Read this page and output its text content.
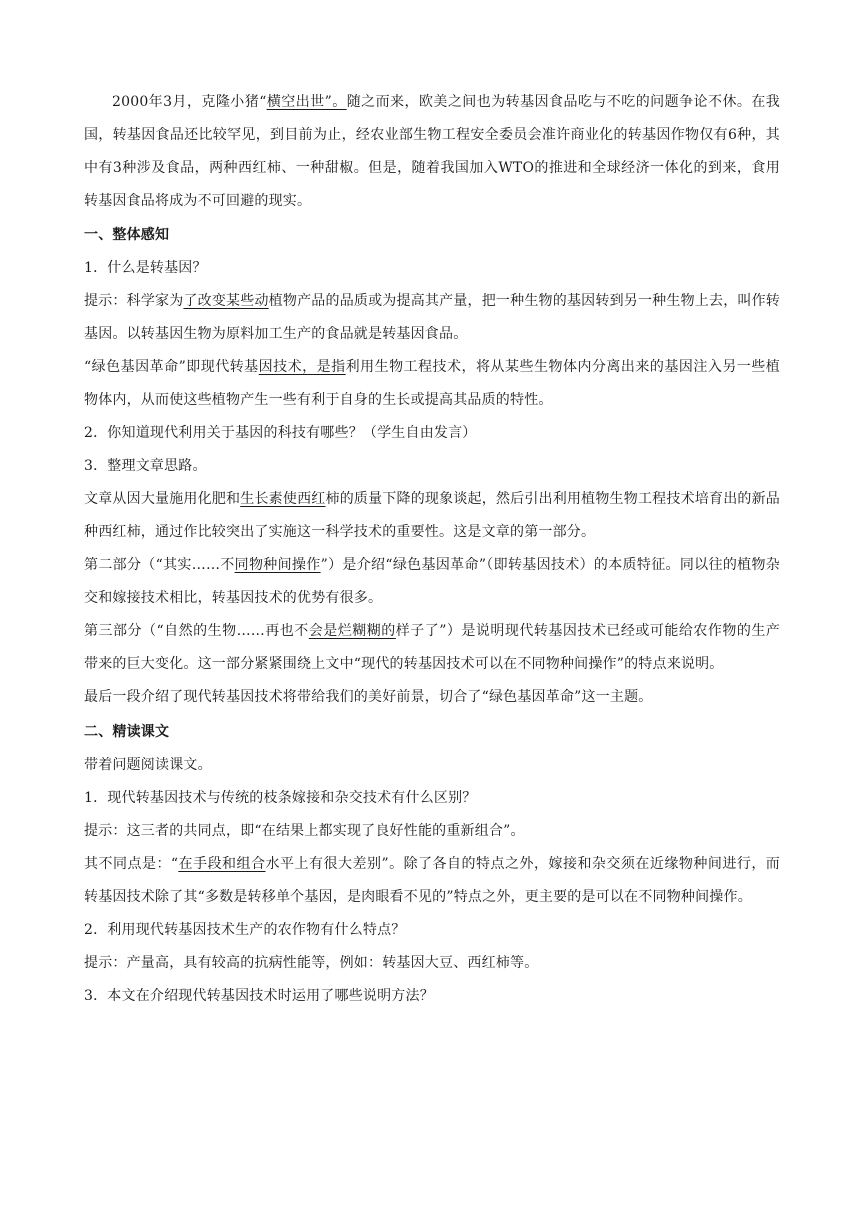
2000年3月，克隆小猪“横空出世”。随之而来，欧美之间也为转基因食品吃与不吃的问题争论不休。在我国，转基因食品还比较罕见，到目前为止，经农业部生物工程安全委员会准许商业化的转基因作物仅有6种，其中有3种涉及食品，两种西红柿、一种甜椒。但是，随着我国加入WTO的推进和全球经济一体化的到来，食用转基因食品将成为不可回避的现实。

一、整体感知

1．什么是转基因？

提示：科学家为了改变某些动植物产品的品质或为提高其产量，把一种生物的基因转到另一种生物上去，叫作转基因。以转基因生物为原料加工生产的食品就是转基因食品。

“绿色基因革命”即现代转基因技术，是指利用生物工程技术，将从某些生物体内分离出来的基因注入另一些植物体内，从而使这些植物产生一些有利于自身的生长或提高其品质的特性。

2．你知道现代利用关于基因的科技有哪些？（学生自由发言）

3．整理文章思路。

文章从因大量施用化肥和生长素使西红柿的质量下降的现象谈起，然后引出利用植物生物工程技术培育出的新品种西红柿，通过作比较突出了实施这一科学技术的重要性。这是文章的第一部分。

第二部分（“其实……不同物种间操作”）是介绍“绿色基因革命”（即转基因技术）的本质特征。同以往的植物杂交和嫁接技术相比，转基因技术的优势有很多。

第三部分（“自然的生物……再也不会是烂糊糊的样子了”）是说明现代转基因技术已经或可能给农作物的生产带来的巨大变化。这一部分紧紧围绕上文中“现代的转基因技术可以在不同物种间操作”的特点来说明。

最后一段介绍了现代转基因技术将带给我们的美好前景，切合了“绿色基因革命”这一主题。

二、精读课文

带着问题阅读课文。

1．现代转基因技术与传统的枝条嫁接和杂交技术有什么区别？

提示：这三者的共同点，即“在结果上都实现了良好性能的重新组合”。

其不同点是：“在手段和组合水平上有很大差别”。除了各自的特点之外，嫁接和杂交须在近缘物种间进行，而转基因技术除了其“多数是转移单个基因，是肉眼看不见的”特点之外，更主要的是可以在不同物种间操作。

2．利用现代转基因技术生产的农作物有什么特点？

提示：产量高，具有较高的抗病性能等，例如：转基因大豆、西红柿等。

3．本文在介绍现代转基因技术时运用了哪些说明方法？
